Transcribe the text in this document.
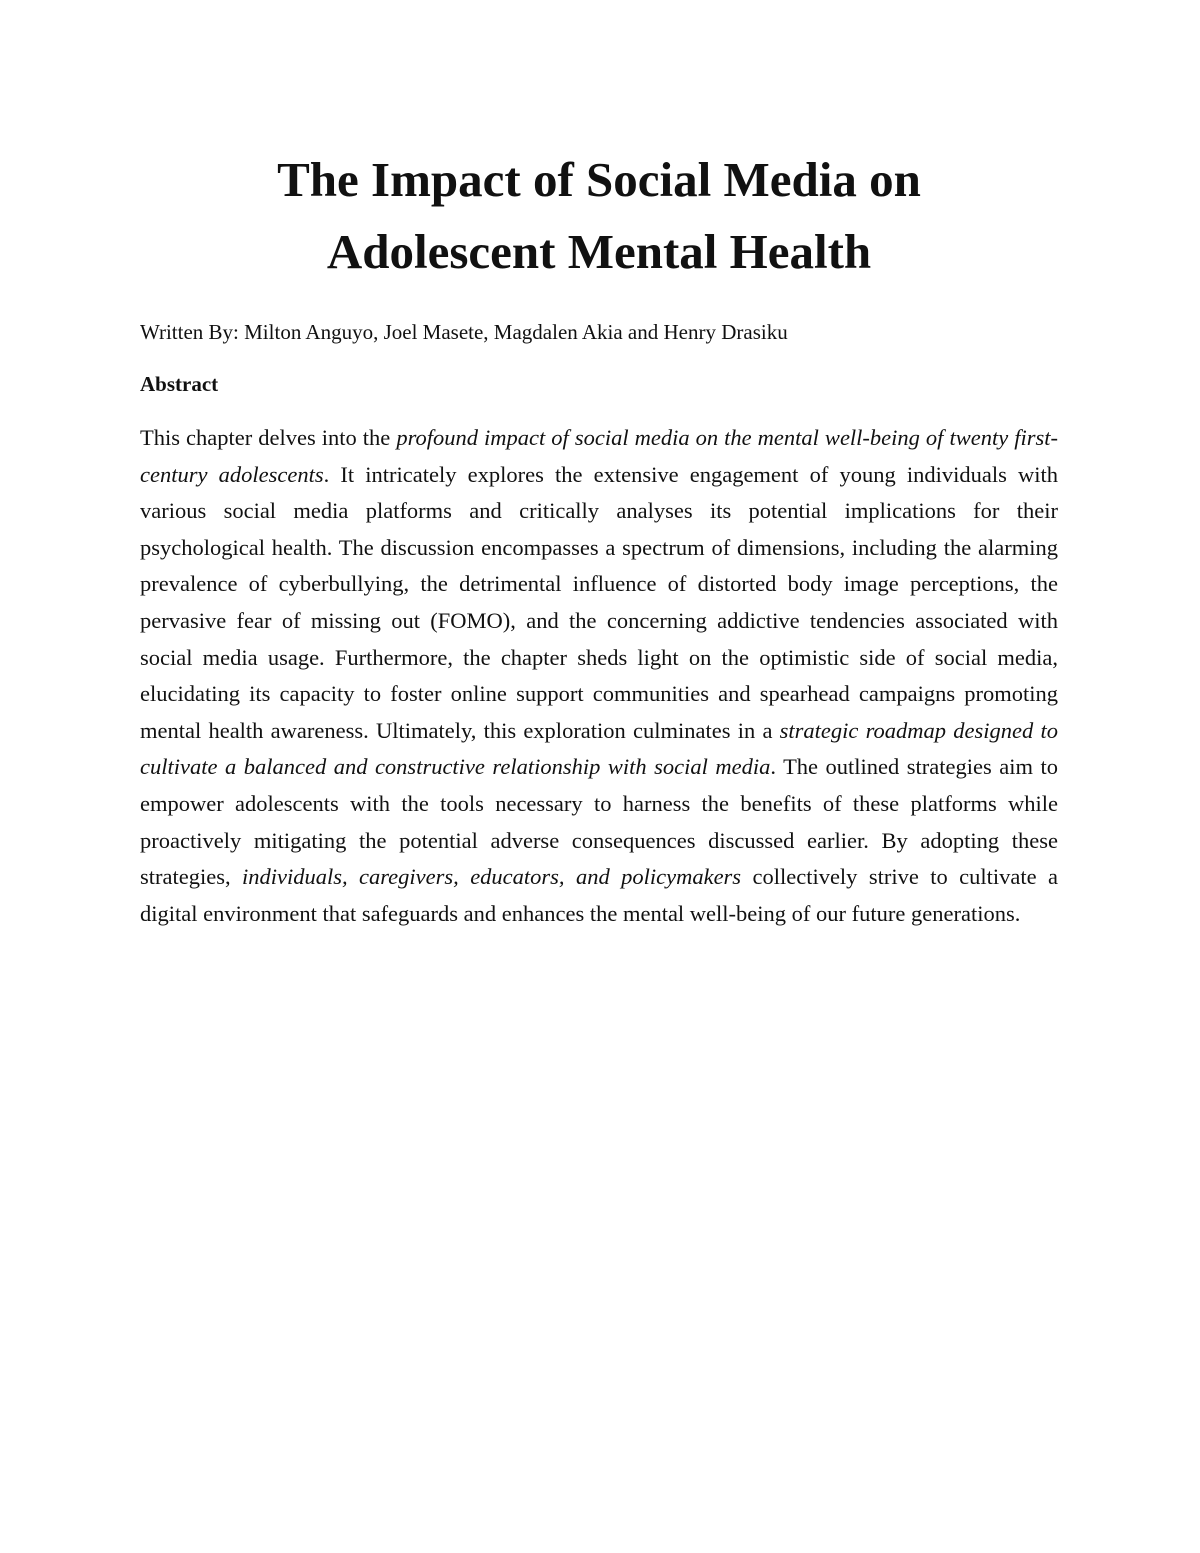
The Impact of Social Media on
Adolescent Mental Health

Written By: Milton Anguyo, Joel Masete, Magdalen Akia and Henry Drasiku

Abstract

This chapter delves into the profound impact of social media on the mental well-being of twenty first-century adolescents. It intricately explores the extensive engagement of young individuals with various social media platforms and critically analyses its potential implications for their psychological health. The discussion encompasses a spectrum of dimensions, including the alarming prevalence of cyberbullying, the detrimental influence of distorted body image perceptions, the pervasive fear of missing out (FOMO), and the concerning addictive tendencies associated with social media usage. Furthermore, the chapter sheds light on the optimistic side of social media, elucidating its capacity to foster online support communities and spearhead campaigns promoting mental health awareness. Ultimately, this exploration culminates in a strategic roadmap designed to cultivate a balanced and constructive relationship with social media. The outlined strategies aim to empower adolescents with the tools necessary to harness the benefits of these platforms while proactively mitigating the potential adverse consequences discussed earlier. By adopting these strategies, individuals, caregivers, educators, and policymakers collectively strive to cultivate a digital environment that safeguards and enhances the mental well-being of our future generations.
